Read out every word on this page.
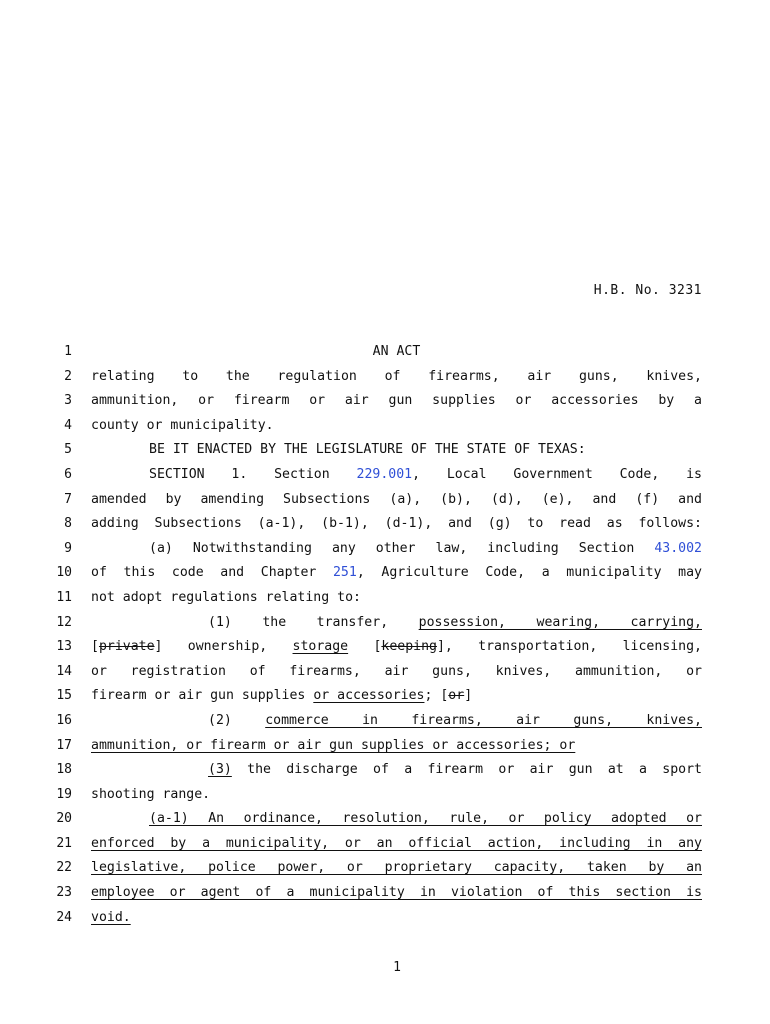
H.B. No. 3231
1	AN ACT
2 relating to the regulation of firearms, air guns, knives,
3 ammunition, or firearm or air gun supplies or accessories by a
4 county or municipality.
5	BE IT ENACTED BY THE LEGISLATURE OF THE STATE OF TEXAS:
6	SECTION 1. Section 229.001, Local Government Code, is
7 amended by amending Subsections (a), (b), (d), (e), and (f) and
8 adding Subsections (a-1), (b-1), (d-1), and (g) to read as follows:
9	(a) Notwithstanding any other law, including Section 43.002
10 of this code and Chapter 251, Agriculture Code, a municipality may
11 not adopt regulations relating to:
12	(1) the transfer, possession, wearing, carrying,
13 [private] ownership, storage [keeping], transportation, licensing,
14 or registration of firearms, air guns, knives, ammunition, or
15 firearm or air gun supplies or accessories; [or]
16	(2) commerce in firearms, air guns, knives,
17 ammunition, or firearm or air gun supplies or accessories; or
18	(3) the discharge of a firearm or air gun at a sport
19 shooting range.
20	(a-1) An ordinance, resolution, rule, or policy adopted or
21 enforced by a municipality, or an official action, including in any
22 legislative, police power, or proprietary capacity, taken by an
23 employee or agent of a municipality in violation of this section is
24 void.
1
